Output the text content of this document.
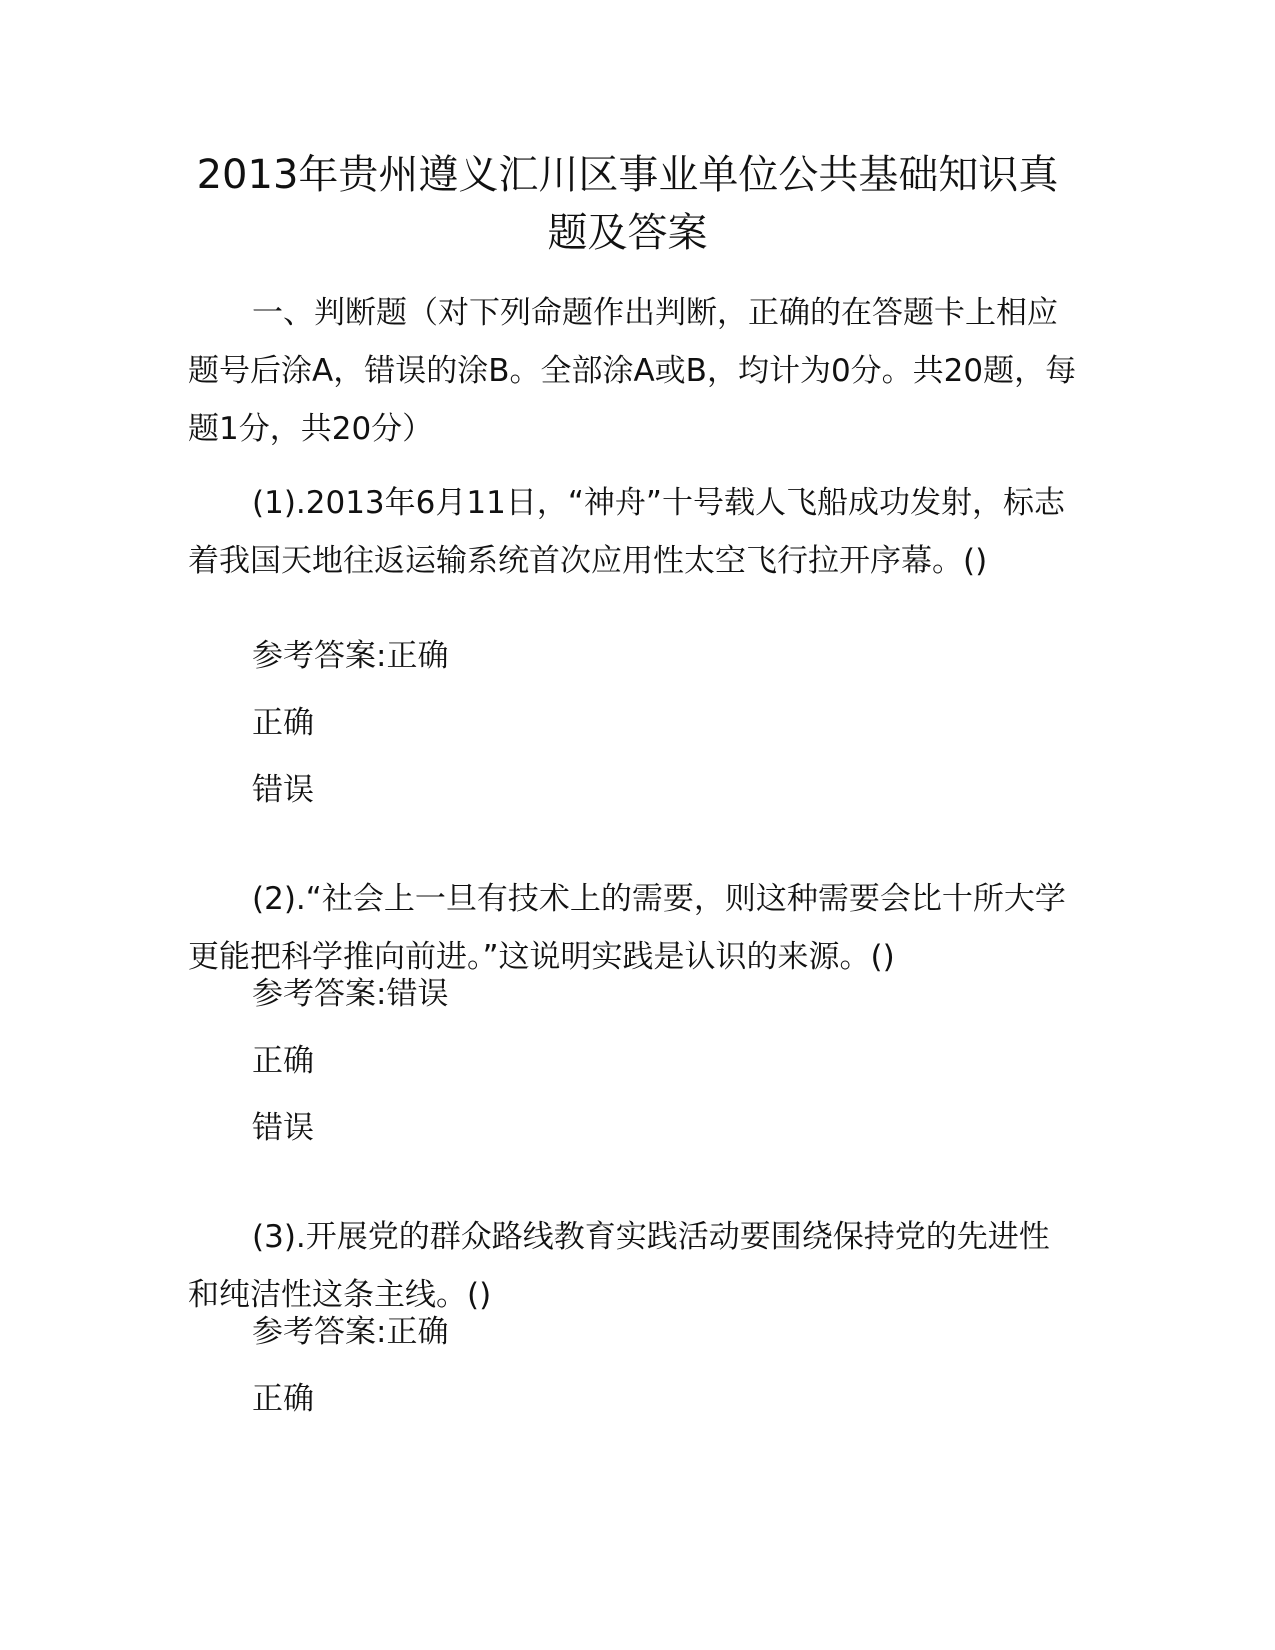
2013年贵州遵义汇川区事业单位公共基础知识真题及答案

一、判断题（对下列命题作出判断，正确的在答题卡上相应题号后涂A，错误的涂B。全部涂A或B，均计为0分。共20题，每题1分，共20分）

(1).2013年6月11日，“神舟”十号载人飞船成功发射，标志着我国天地往返运输系统首次应用性太空飞行拉开序幕。()

参考答案:正确

正确

错误

(2).“社会上一旦有技术上的需要，则这种需要会比十所大学更能把科学推向前进。”这说明实践是认识的来源。()

参考答案:错误

正确

错误

(3).开展党的群众路线教育实践活动要围绕保持党的先进性和纯洁性这条主线。()

参考答案:正确

正确
